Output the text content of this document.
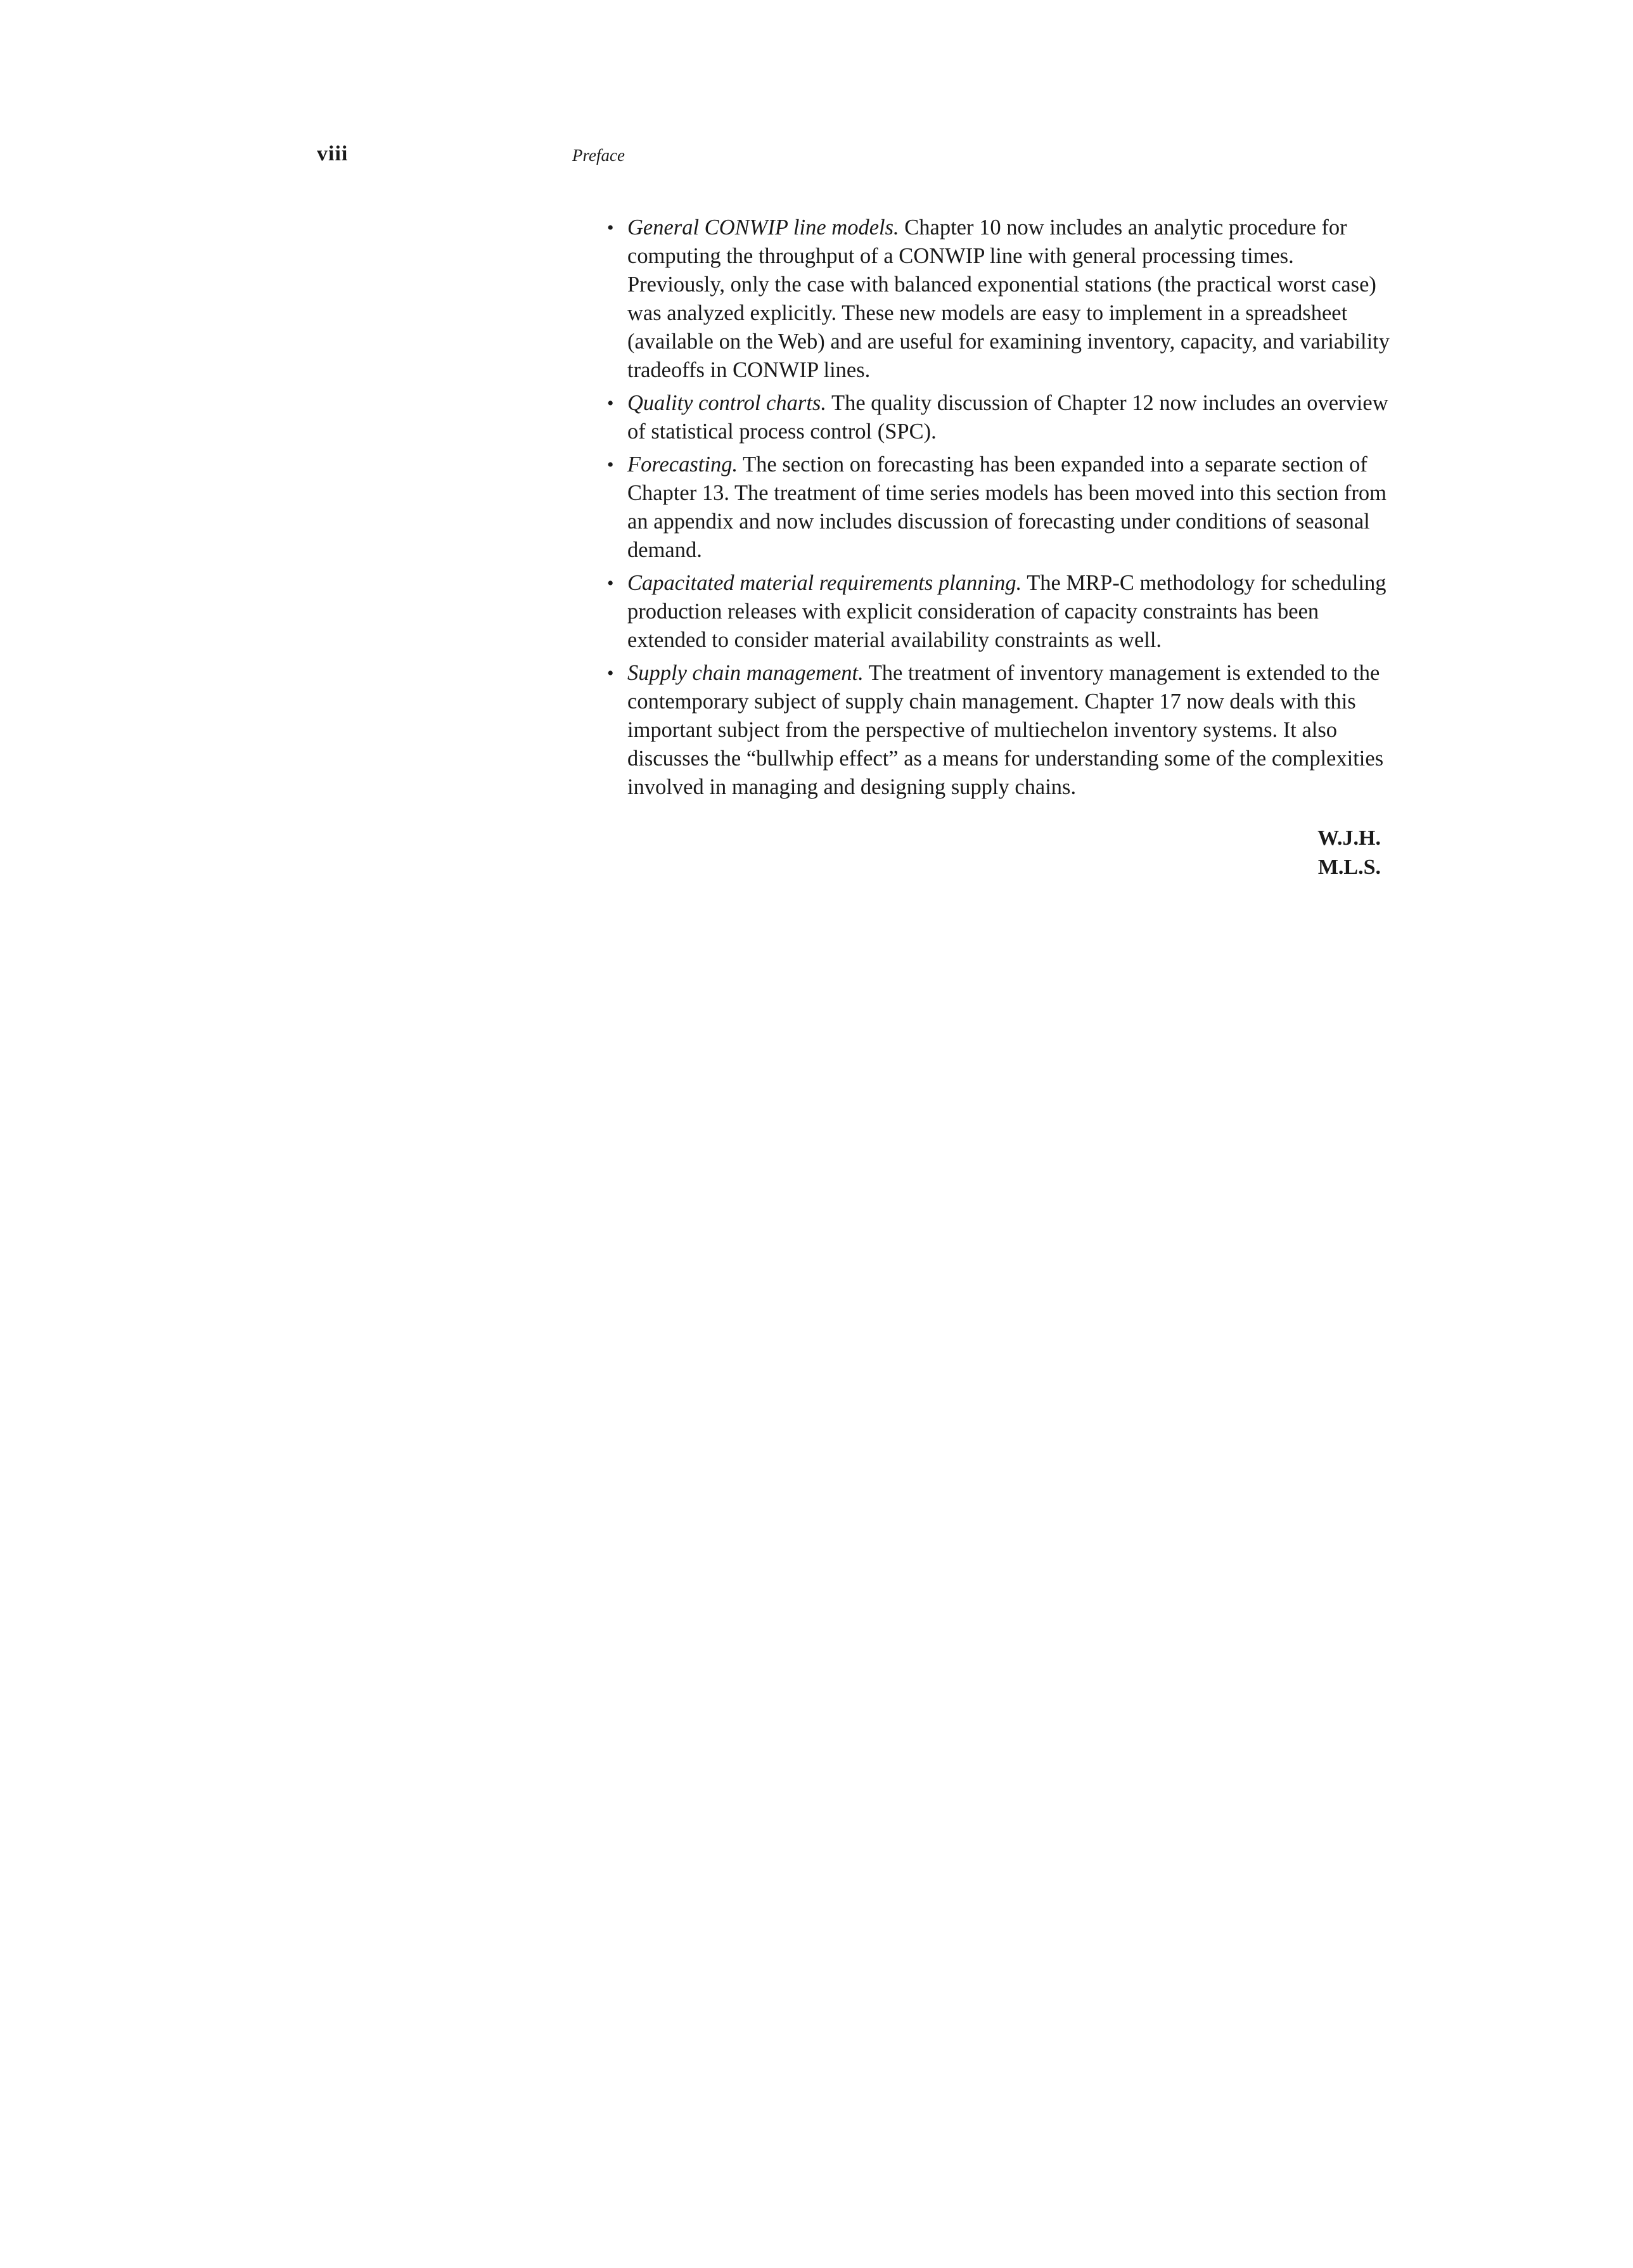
viii	Preface
• General CONWIP line models. Chapter 10 now includes an analytic procedure for computing the throughput of a CONWIP line with general processing times. Previously, only the case with balanced exponential stations (the practical worst case) was analyzed explicitly. These new models are easy to implement in a spreadsheet (available on the Web) and are useful for examining inventory, capacity, and variability tradeoffs in CONWIP lines.
• Quality control charts. The quality discussion of Chapter 12 now includes an overview of statistical process control (SPC).
• Forecasting. The section on forecasting has been expanded into a separate section of Chapter 13. The treatment of time series models has been moved into this section from an appendix and now includes discussion of forecasting under conditions of seasonal demand.
• Capacitated material requirements planning. The MRP-C methodology for scheduling production releases with explicit consideration of capacity constraints has been extended to consider material availability constraints as well.
• Supply chain management. The treatment of inventory management is extended to the contemporary subject of supply chain management. Chapter 17 now deals with this important subject from the perspective of multiechelon inventory systems. It also discusses the “bullwhip effect” as a means for understanding some of the complexities involved in managing and designing supply chains.
W.J.H.
M.L.S.
